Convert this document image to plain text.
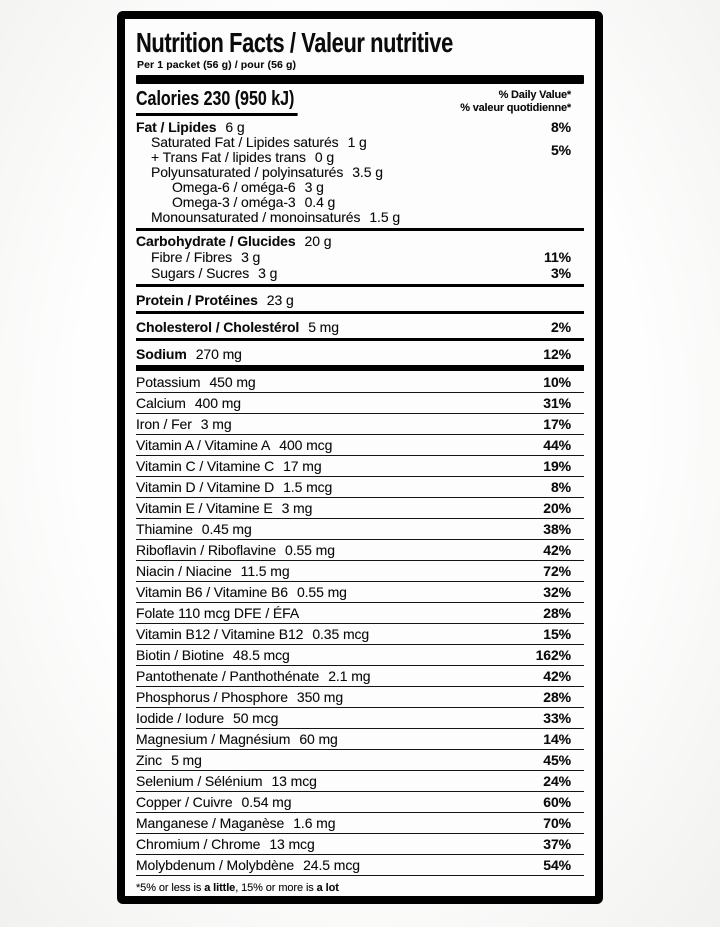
Nutrition Facts / Valeur nutritive
Per 1 packet (56 g) / pour (56 g)
Calories 230 (950 kJ)	% Daily Value*
% valeur quotidienne*
Fat / Lipides 6 g	8%
Saturated Fat / Lipides saturés 1 g
+ Trans Fat / lipides trans 0 g	5%
Polyunsaturated / polyinsaturés 3.5 g
Omega-6 / oméga-6 3 g
Omega-3 / oméga-3 0.4 g
Monounsaturated / monoinsaturés 1.5 g
Carbohydrate / Glucides 20 g
Fibre / Fibres 3 g	11%
Sugars / Sucres 3 g	3%
Protein / Protéines 23 g
Cholesterol / Cholestérol 5 mg	2%
Sodium 270 mg	12%
Potassium 450 mg	10%
Calcium 400 mg	31%
Iron / Fer 3 mg	17%
Vitamin A / Vitamine A 400 mcg	44%
Vitamin C / Vitamine C 17 mg	19%
Vitamin D / Vitamine D 1.5 mcg	8%
Vitamin E / Vitamine E 3 mg	20%
Thiamine 0.45 mg	38%
Riboflavin / Riboflavine 0.55 mg	42%
Niacin / Niacine 11.5 mg	72%
Vitamin B6 / Vitamine B6 0.55 mg	32%
Folate 110 mcg DFE / ÉFA	28%
Vitamin B12 / Vitamine B12 0.35 mcg	15%
Biotin / Biotine 48.5 mcg	162%
Pantothenate / Panthothénate 2.1 mg	42%
Phosphorus / Phosphore 350 mg	28%
Iodide / Iodure 50 mcg	33%
Magnesium / Magnésium 60 mg	14%
Zinc 5 mg	45%
Selenium / Sélénium 13 mcg	24%
Copper / Cuivre 0.54 mg	60%
Manganese / Maganèse 1.6 mg	70%
Chromium / Chrome 13 mcg	37%
Molybdenum / Molybdène 24.5 mcg	54%
*5% or less is a little, 15% or more is a lot
*5% ou moins c'est peu, 15% ou plus c'est beaucoup
